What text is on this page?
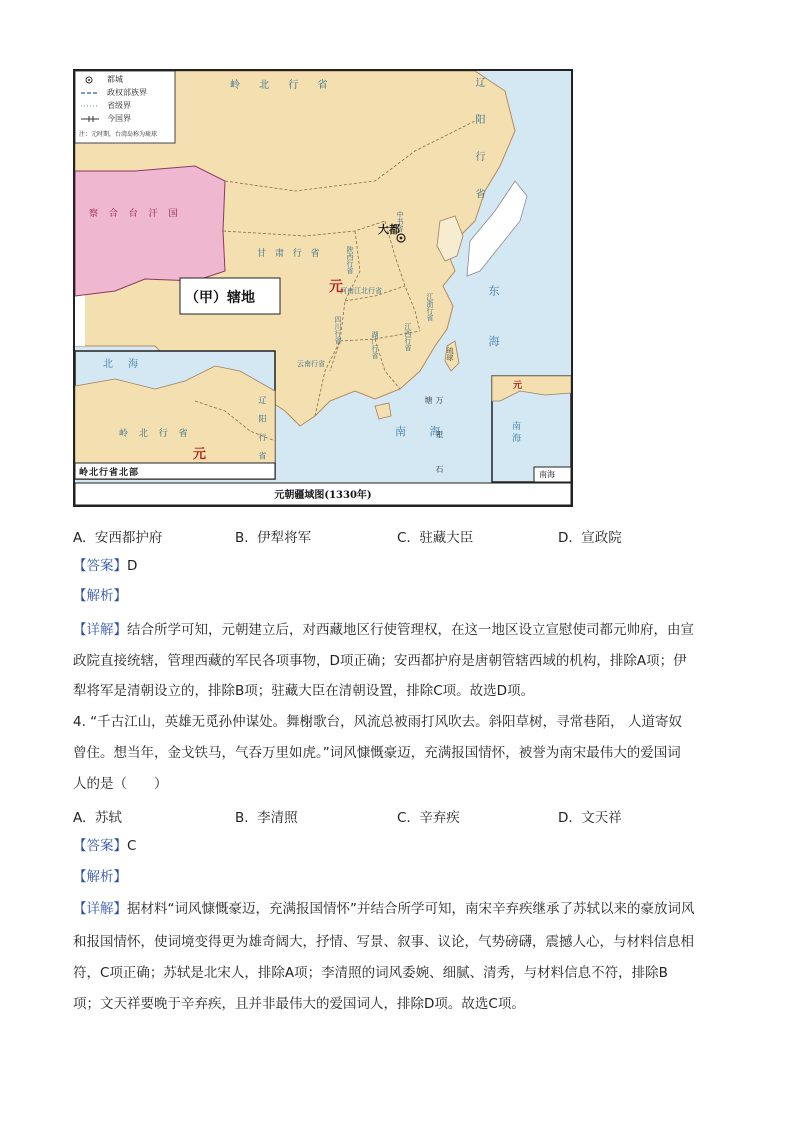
都城
政权部族界
省级界
今国界
注：元时期，台湾岛称为琉球
岭 北 行 省	辽 阳 行 省
察 合 台 汗 国
甘 肃 行 省
中书省
大都
陕西行省
河南江北行省
四川行省
江浙行省
江西行省
湖广行省
云南行省
元	东 海
南 海
琉球
万 里 石 塘
（甲）辖地
北 海
岭 北 行 省	辽 阳 行 省
元
岭北行省北部
元
南 海
南海
元朝疆域图(1330年)
A. 安西都护府	B. 伊犁将军	C. 驻藏大臣	D. 宣政院
【答案】D
【解析】
【详解】结合所学可知，元朝建立后，对西藏地区行使管理权，在这一地区设立宣慰使司都元帅府，由宣
政院直接统辖，管理西藏的军民各项事物，D项正确；安西都护府是唐朝管辖西域的机构，排除A项；伊
犁将军是清朝设立的，排除B项；驻藏大臣在清朝设置，排除C项。故选D项。
4. “千古江山，英雄无觅孙仲谋处。舞榭歌台，风流总被雨打风吹去。斜阳草树，寻常巷陌， 人道寄奴
曾住。想当年，金戈铁马，气吞万里如虎。”词风慷慨豪迈，充满报国情怀，被誉为南宋最伟大的爱国词
人的是（　　）
A. 苏轼	B. 李清照	C. 辛弃疾	D. 文天祥
【答案】C
【解析】
【详解】据材料“词风慷慨豪迈，充满报国情怀”并结合所学可知，南宋辛弃疾继承了苏轼以来的豪放词风
和报国情怀，使词境变得更为雄奇阔大，抒情、写景、叙事、议论，气势磅礴，震撼人心，与材料信息相
符，C项正确；苏轼是北宋人，排除A项；李清照的词风委婉、细腻、清秀，与材料信息不符，排除B
项；文天祥要晚于辛弃疾，且并非最伟大的爱国词人，排除D项。故选C项。
